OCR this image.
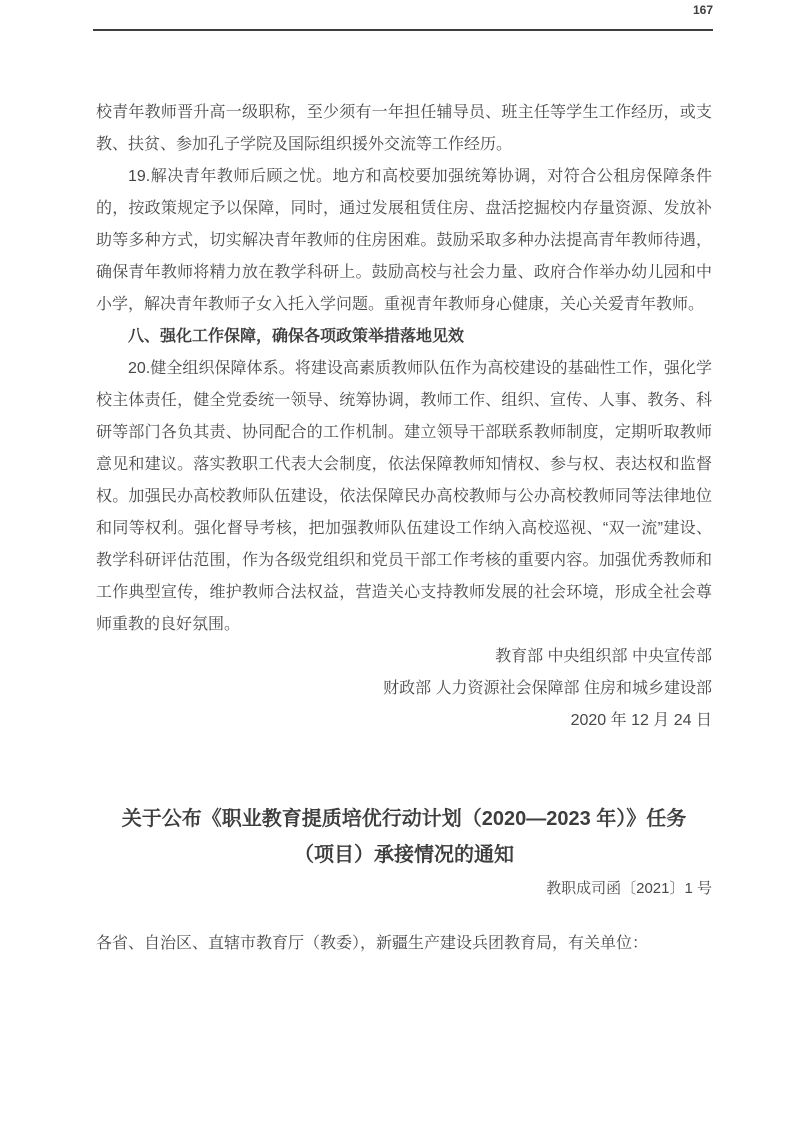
167

校青年教师晋升高一级职称，至少须有一年担任辅导员、班主任等学生工作经历，或支教、扶贫、参加孔子学院及国际组织援外交流等工作经历。

19.解决青年教师后顾之忧。地方和高校要加强统筹协调，对符合公租房保障条件的，按政策规定予以保障，同时，通过发展租赁住房、盘活挖掘校内存量资源、发放补助等多种方式，切实解决青年教师的住房困难。鼓励采取多种办法提高青年教师待遇，确保青年教师将精力放在教学科研上。鼓励高校与社会力量、政府合作举办幼儿园和中小学，解决青年教师子女入托入学问题。重视青年教师身心健康，关心关爱青年教师。

八、强化工作保障，确保各项政策举措落地见效

20.健全组织保障体系。将建设高素质教师队伍作为高校建设的基础性工作，强化学校主体责任，健全党委统一领导、统筹协调，教师工作、组织、宣传、人事、教务、科研等部门各负其责、协同配合的工作机制。建立领导干部联系教师制度，定期听取教师意见和建议。落实教职工代表大会制度，依法保障教师知情权、参与权、表达权和监督权。加强民办高校教师队伍建设，依法保障民办高校教师与公办高校教师同等法律地位和同等权利。强化督导考核，把加强教师队伍建设工作纳入高校巡视、“双一流”建设、教学科研评估范围，作为各级党组织和党员干部工作考核的重要内容。加强优秀教师和工作典型宣传，维护教师合法权益，营造关心支持教师发展的社会环境，形成全社会尊师重教的良好氛围。

教育部 中央组织部 中央宣传部
财政部 人力资源社会保障部 住房和城乡建设部
2020 年 12 月 24 日
关于公布《职业教育提质培优行动计划（2020—2023 年）》任务
（项目）承接情况的通知
教职成司函〔2021〕1 号

各省、自治区、直辖市教育厅（教委），新疆生产建设兵团教育局，有关单位：
